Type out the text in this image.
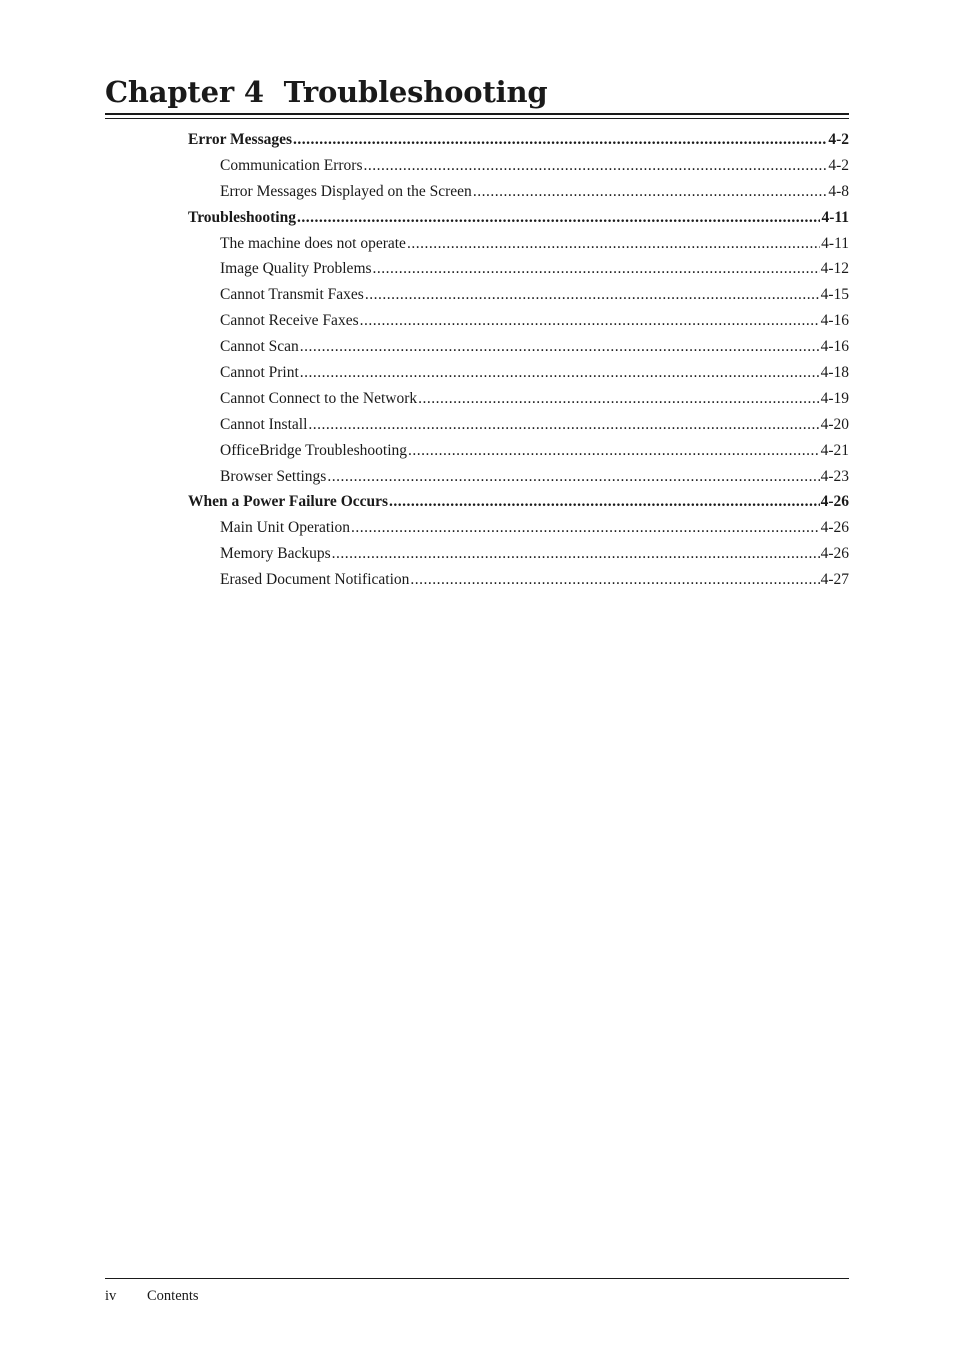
Chapter 4  Troubleshooting
Error Messages .....	4-2
Communication Errors .....	4-2
Error Messages Displayed on the Screen .....	4-8
Troubleshooting .....	4-11
The machine does not operate .....	4-11
Image Quality Problems .....	4-12
Cannot Transmit Faxes .....	4-15
Cannot Receive Faxes .....	4-16
Cannot Scan .....	4-16
Cannot Print .....	4-18
Cannot Connect to the Network .....	4-19
Cannot Install .....	4-20
OfficeBridge Troubleshooting .....	4-21
Browser Settings .....	4-23
When a Power Failure Occurs .....	4-26
Main Unit Operation .....	4-26
Memory Backups .....	4-26
Erased Document Notification .....	4-27
iv Contents
